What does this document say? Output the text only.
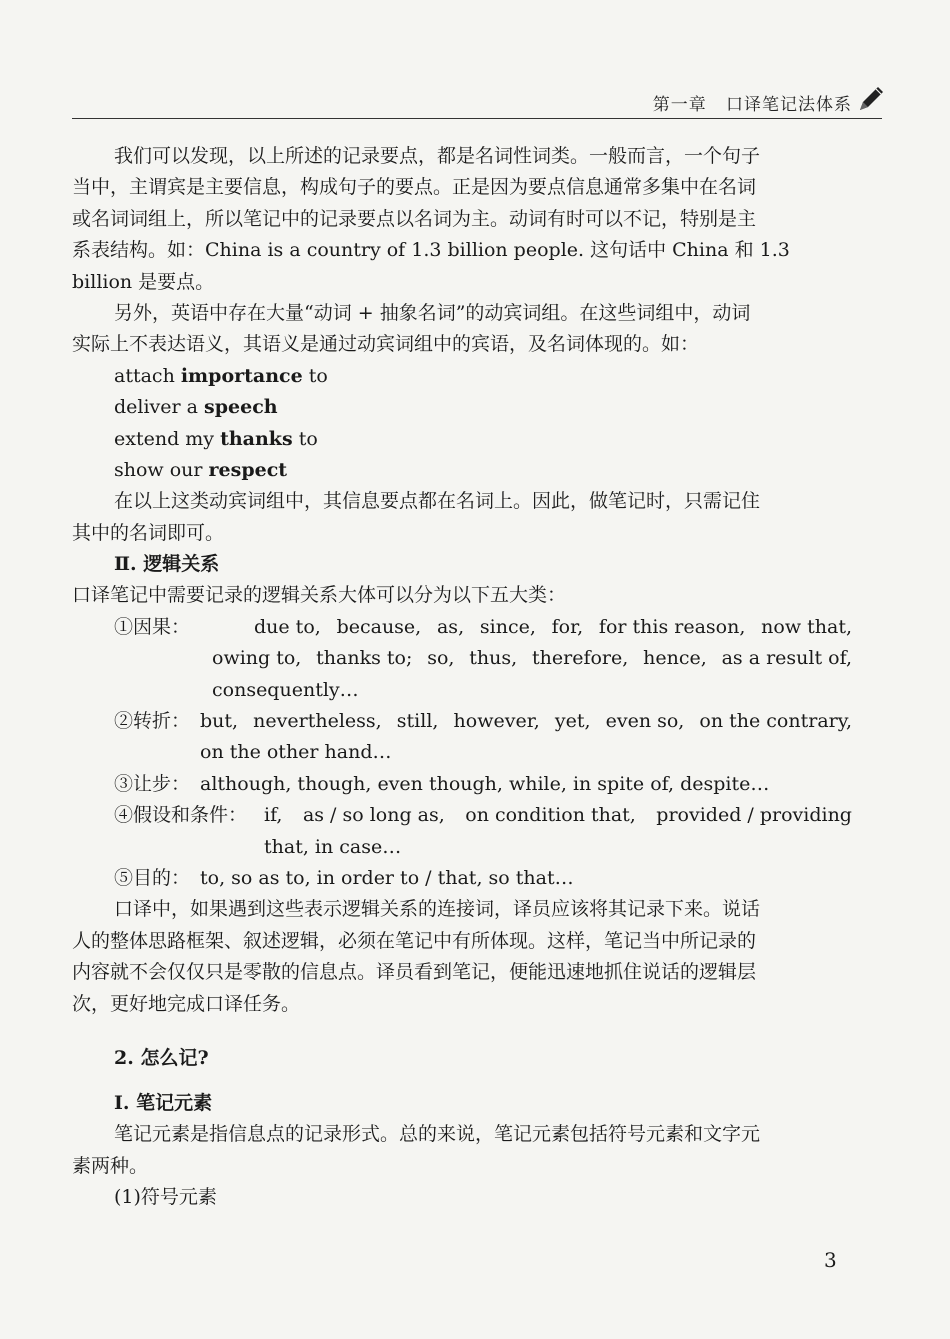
第一章 口译笔记法体系
我们可以发现，以上所述的记录要点，都是名词性词类。一般而言，一个句子
当中，主谓宾是主要信息，构成句子的要点。正是因为要点信息通常多集中在名词
或名词词组上，所以笔记中的记录要点以名词为主。动词有时可以不记，特别是主
系表结构。如：China is a country of 1.3 billion people. 这句话中 China 和 1.3
billion 是要点。
另外，英语中存在大量“动词 + 抽象名词”的动宾词组。在这些词组中，动词
实际上不表达语义，其语义是通过动宾词组中的宾语，及名词体现的。如：
attach importance to
deliver a speech
extend my thanks to
show our respect
在以上这类动宾词组中，其信息要点都在名词上。因此，做笔记时，只需记住
其中的名词即可。
Ⅱ. 逻辑关系
口译笔记中需要记录的逻辑关系大体可以分为以下五大类：
①因果：	due to, because, as, since, for, for this reason, now that,
owing to, thanks to; so, thus, therefore, hence, as a result of,
consequently…
②转折： but, nevertheless, still, however, yet, even so, on the contrary,
on the other hand…
③让步： although, though, even though, while, in spite of, despite…
④假设和条件： if, as / so long as, on condition that, provided / providing
that, in case…
⑤目的： to, so as to, in order to / that, so that…
口译中，如果遇到这些表示逻辑关系的连接词，译员应该将其记录下来。说话
人的整体思路框架、叙述逻辑，必须在笔记中有所体现。这样，笔记当中所记录的
内容就不会仅仅只是零散的信息点。译员看到笔记，便能迅速地抓住说话的逻辑层
次，更好地完成口译任务。
2. 怎么记?
Ⅰ. 笔记元素
笔记元素是指信息点的记录形式。总的来说，笔记元素包括符号元素和文字元
素两种。
(1)符号元素
3
